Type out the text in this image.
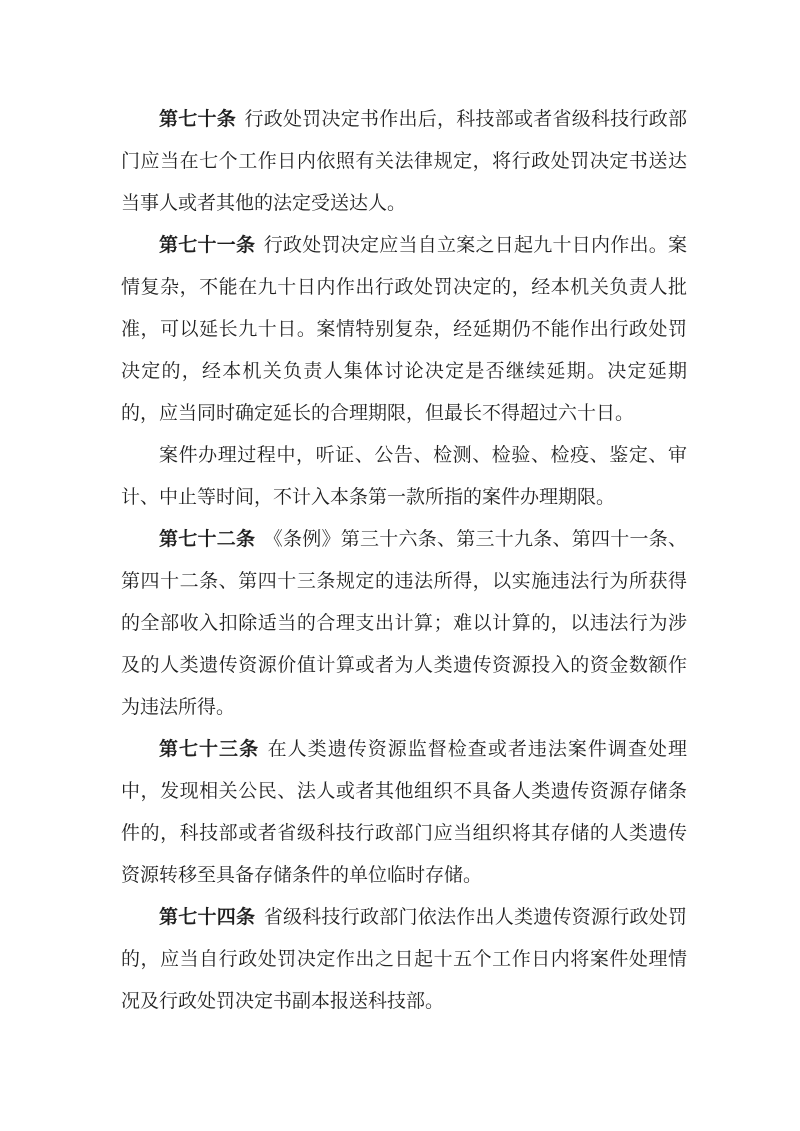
第七十条 行政处罚决定书作出后，科技部或者省级科技行政部门应当在七个工作日内依照有关法律规定，将行政处罚决定书送达当事人或者其他的法定受送达人。

第七十一条 行政处罚决定应当自立案之日起九十日内作出。案情复杂，不能在九十日内作出行政处罚决定的，经本机关负责人批准，可以延长九十日。案情特别复杂，经延期仍不能作出行政处罚决定的，经本机关负责人集体讨论决定是否继续延期。决定延期的，应当同时确定延长的合理期限，但最长不得超过六十日。

案件办理过程中，听证、公告、检测、检验、检疫、鉴定、审计、中止等时间，不计入本条第一款所指的案件办理期限。

第七十二条 《条例》第三十六条、第三十九条、第四十一条、第四十二条、第四十三条规定的违法所得，以实施违法行为所获得的全部收入扣除适当的合理支出计算；难以计算的，以违法行为涉及的人类遗传资源价值计算或者为人类遗传资源投入的资金数额作为违法所得。

第七十三条 在人类遗传资源监督检查或者违法案件调查处理中，发现相关公民、法人或者其他组织不具备人类遗传资源存储条件的，科技部或者省级科技行政部门应当组织将其存储的人类遗传资源转移至具备存储条件的单位临时存储。

第七十四条 省级科技行政部门依法作出人类遗传资源行政处罚的，应当自行政处罚决定作出之日起十五个工作日内将案件处理情况及行政处罚决定书副本报送科技部。
